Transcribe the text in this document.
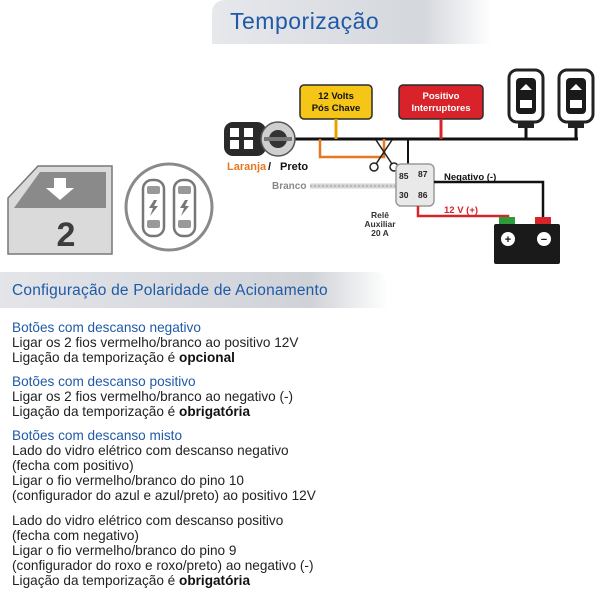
Temporização
12 Volts
Pós Chave
Positivo
Interruptores
Laranja / Preto
Branco
85 87
30 86
Relê
Auxiliar
20 A
Negativo (-)
12 V (+)
+	−
2
Configuração de Polaridade de Acionamento
Botões com descanso negativo
Ligar os 2 fios vermelho/branco ao positivo 12V
Ligação da temporização é opcional
Botões com descanso positivo
Ligar os 2 fios vermelho/branco ao negativo (-)
Ligação da temporização é obrigatória
Botões com descanso misto
Lado do vidro elétrico com descanso negativo
(fecha com positivo)
Ligar o fio vermelho/branco do pino 10
(configurador do azul e azul/preto) ao positivo 12V
Lado do vidro elétrico com descanso positivo
(fecha com negativo)
Ligar o fio vermelho/branco do pino 9
(configurador do roxo e roxo/preto) ao negativo (-)
Ligação da temporização é obrigatória
